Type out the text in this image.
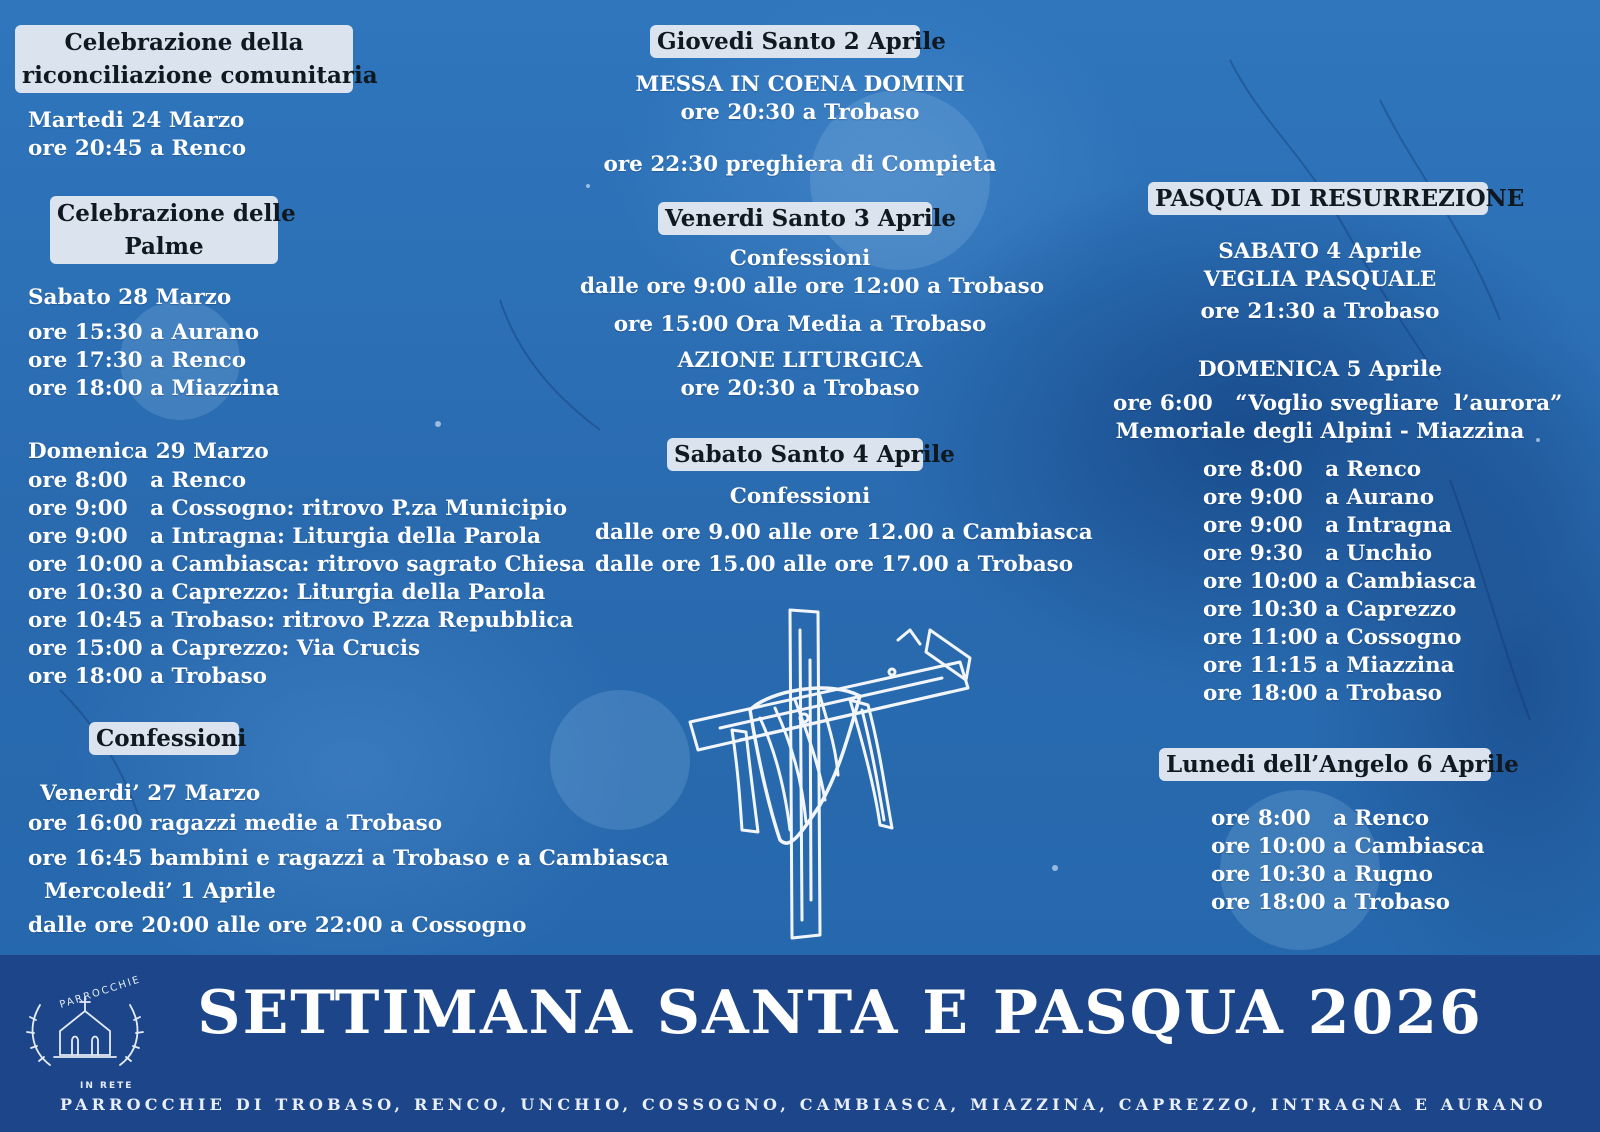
Celebrazione della
riconciliazione comunitaria
Martedi 24 Marzo
ore 20:45 a Renco
Celebrazione delle
Palme
Sabato 28 Marzo
ore 15:30 a Aurano
ore 17:30 a Renco
ore 18:00 a Miazzina
Domenica 29 Marzo
ore 8:00   a Renco
ore 9:00   a Cossogno: ritrovo P.za Municipio
ore 9:00   a Intragna: Liturgia della Parola
ore 10:00 a Cambiasca: ritrovo sagrato Chiesa
ore 10:30 a Caprezzo: Liturgia della Parola
ore 10:45 a Trobaso: ritrovo P.zza Repubblica
ore 15:00 a Caprezzo: Via Crucis
ore 18:00 a Trobaso
Confessioni
Venerdi’ 27 Marzo
ore 16:00 ragazzi medie a Trobaso
ore 16:45 bambini e ragazzi a Trobaso e a Cambiasca
Mercoledi’ 1 Aprile
dalle ore 20:00 alle ore 22:00 a Cossogno
Giovedi Santo 2 Aprile
MESSA IN COENA DOMINI
ore 20:30 a Trobaso
ore 22:30 preghiera di Compieta
Venerdi Santo 3 Aprile
Confessioni
dalle ore 9:00 alle ore 12:00 a Trobaso
ore 15:00 Ora Media a Trobaso
AZIONE LITURGICA
ore 20:30 a Trobaso
Sabato Santo 4 Aprile
Confessioni
dalle ore 9.00 alle ore 12.00 a Cambiasca
dalle ore 15.00 alle ore 17.00 a Trobaso
PASQUA DI RESURREZIONE
SABATO 4 Aprile
VEGLIA PASQUALE
ore 21:30 a Trobaso
DOMENICA 5 Aprile
ore 6:00   “Voglio svegliare  l’aurora”
Memoriale degli Alpini - Miazzina
ore 8:00   a Renco
ore 9:00   a Aurano
ore 9:00   a Intragna
ore 9:30   a Unchio
ore 10:00 a Cambiasca
ore 10:30 a Caprezzo
ore 11:00 a Cossogno
ore 11:15 a Miazzina
ore 18:00 a Trobaso
Lunedi dell’Angelo 6 Aprile
ore 8:00   a Renco
ore 10:00 a Cambiasca
ore 10:30 a Rugno
ore 18:00 a Trobaso
PARROCCHIE
IN RETE
SETTIMANA SANTA E PASQUA 2026
PARROCCHIE DI TROBASO, RENCO, UNCHIO, COSSOGNO, CAMBIASCA, MIAZZINA, CAPREZZO, INTRAGNA E AURANO
